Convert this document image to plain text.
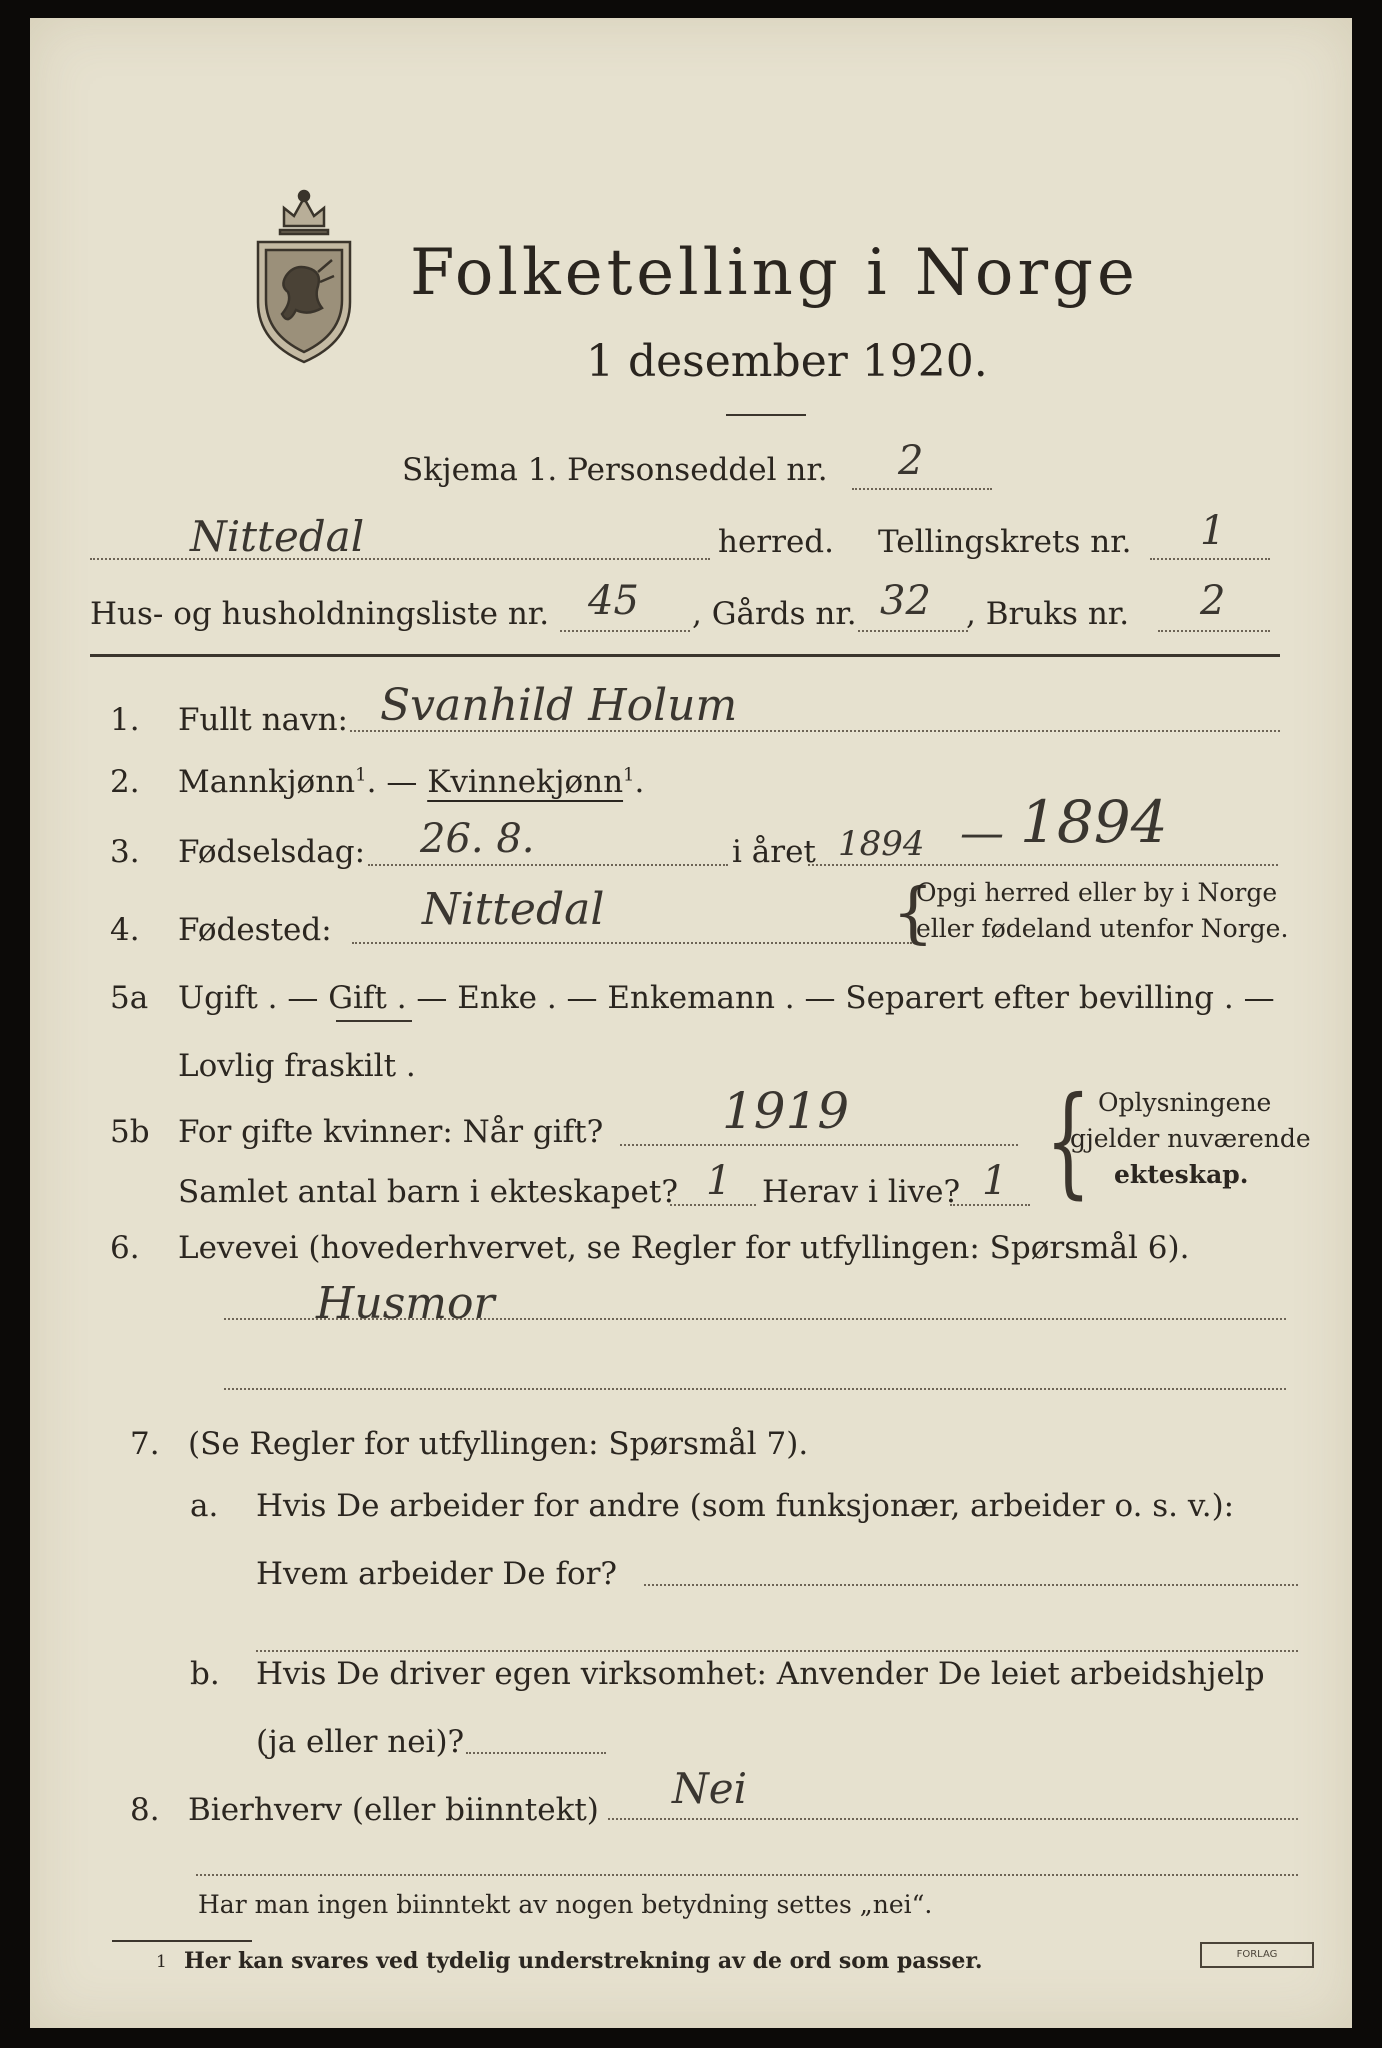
Folketelling i Norge
1 desember 1920.
Skjema 1. Personseddel nr. 2
Nittedal	herred. Tellingskrets nr. 1
Hus- og husholdningsliste nr. 45 , Gårds nr. 32 , Bruks nr. 2
1. Fullt navn: Svanhild Holum
2. Mannkjønn$^1$. — Kvinnekjønn$^1$.
3. Fødselsdag: 26. 8.	i året 1894 — 1894
4. Fødested: Nittedal	{
Opgi herred eller by i Norge
eller fødeland utenfor Norge.
5a Ugift . — Gift . — Enke . — Enkemann . — Separert efter bevilling . —
Lovlig fraskilt .
5b For gifte kvinner: Når gift? 1919
Samlet antal barn i ekteskapet? 1 Herav i live? 1 { Oplysningene
gjelder nuværende
ekteskap.
6. Levevei (hovederhvervet, se Regler for utfyllingen: Spørsmål 6).
Husmor
7. (Se Regler for utfyllingen: Spørsmål 7).
a. Hvis De arbeider for andre (som funksjonær, arbeider o. s. v.):
Hvem arbeider De for?
b. Hvis De driver egen virksomhet: Anvender De leiet arbeidshjelp
(ja eller nei)?
8. Bierhverv (eller biinntekt) Nei
Har man ingen biinntekt av nogen betydning settes „nei“.
1 Her kan svares ved tydelig understrekning av de ord som passer.	FORLAG
